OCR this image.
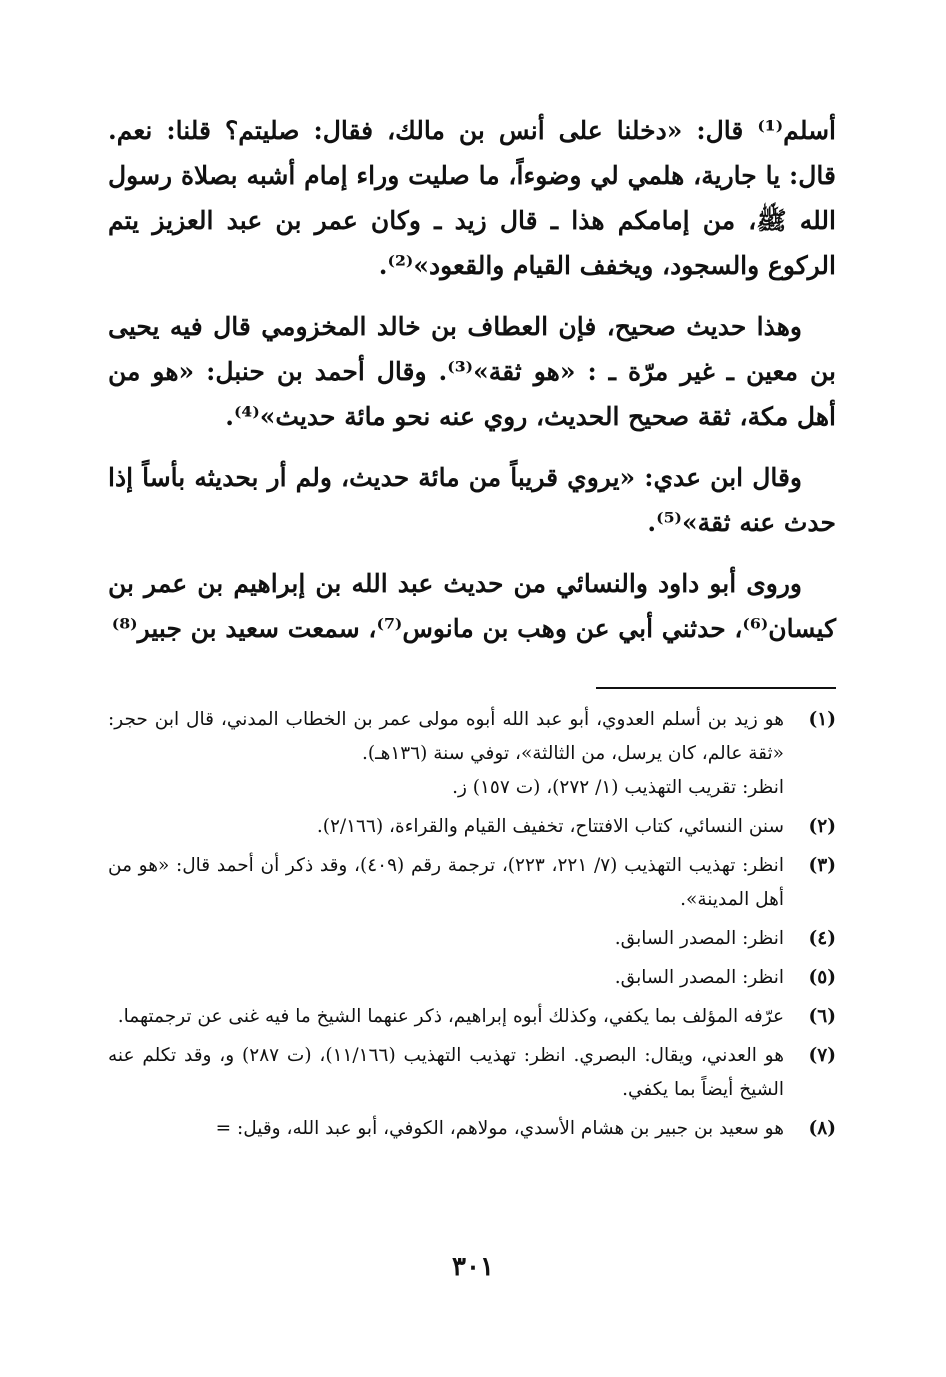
أسلم⁽¹⁾ قال: «دخلنا على أنس بن مالك، فقال: صليتم؟ قلنا: نعم. قال: يا جارية، هلمي لي وضوءاً، ما صليت وراء إمام أشبه بصلاة رسول الله ﷺ، من إمامكم هذا ـ قال زيد ـ وكان عمر بن عبد العزيز يتم الركوع والسجود، ويخفف القيام والقعود»⁽²⁾.

وهذا حديث صحيح، فإن العطاف بن خالد المخزومي قال فيه يحيى بن معين ـ غير مرّة ـ : «هو ثقة»⁽³⁾. وقال أحمد بن حنبل: «هو من أهل مكة، ثقة صحيح الحديث، روي عنه نحو مائة حديث»⁽⁴⁾.

وقال ابن عدي: «يروي قريباً من مائة حديث، ولم أر بحديثه بأساً إذا حدث عنه ثقة»⁽⁵⁾.

وروى أبو داود والنسائي من حديث عبد الله بن إبراهيم بن عمر بن كيسان⁽⁶⁾، حدثني أبي عن وهب بن مانوس⁽⁷⁾، سمعت سعيد بن جبير⁽⁸⁾

(١)
هو زيد بن أسلم العدوي، أبو عبد الله أبوه مولى عمر بن الخطاب المدني، قال ابن حجر: «ثقة عالم، كان يرسل، من الثالثة»، توفي سنة (١٣٦هـ).
انظر: تقريب التهذيب (١/ ٢٧٢)، (ت ١٥٧) ز.
(٢)
سنن النسائي، كتاب الافتتاح، تخفيف القيام والقراءة، (٢/١٦٦).
(٣)
انظر: تهذيب التهذيب (٧/ ٢٢١، ٢٢٣)، ترجمة رقم (٤٠٩)، وقد ذكر أن أحمد قال: «هو من أهل المدينة».
(٤)
انظر: المصدر السابق.
(٥)
انظر: المصدر السابق.
(٦)
عرّفه المؤلف بما يكفي، وكذلك أبوه إبراهيم، ذكر عنهما الشيخ ما فيه غنى عن ترجمتهما.
(٧)
هو العدني، ويقال: البصري. انظر: تهذيب التهذيب (١١/١٦٦)، (ت ٢٨٧) و، وقد تكلم عنه الشيخ أيضاً بما يكفي.
(٨)
هو سعيد بن جبير بن هشام الأسدي، مولاهم، الكوفي، أبو عبد الله، وقيل: =
٣٠١
